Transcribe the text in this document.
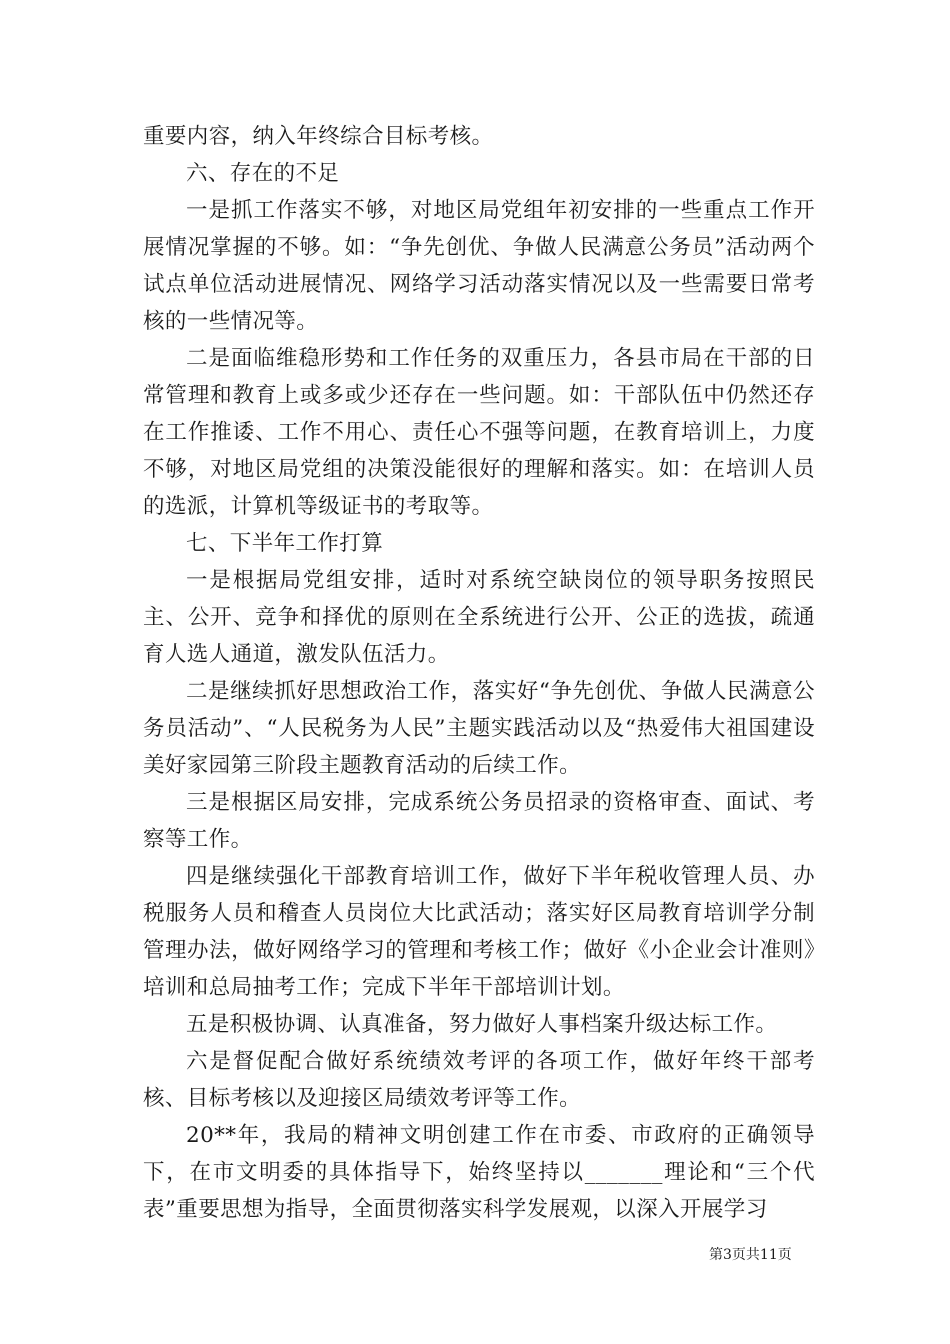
重要内容，纳入年终综合目标考核。

六、存在的不足

一是抓工作落实不够，对地区局党组年初安排的一些重点工作开展情况掌握的不够。如：“争先创优、争做人民满意公务员”活动两个试点单位活动进展情况、网络学习活动落实情况以及一些需要日常考核的一些情况等。

二是面临维稳形势和工作任务的双重压力，各县市局在干部的日常管理和教育上或多或少还存在一些问题。如：干部队伍中仍然还存在工作推诿、工作不用心、责任心不强等问题，在教育培训上，力度不够，对地区局党组的决策没能很好的理解和落实。如：在培训人员的选派，计算机等级证书的考取等。

七、下半年工作打算

一是根据局党组安排，适时对系统空缺岗位的领导职务按照民主、公开、竞争和择优的原则在全系统进行公开、公正的选拔，疏通育人选人通道，激发队伍活力。

二是继续抓好思想政治工作，落实好“争先创优、争做人民满意公务员活动”、“人民税务为人民”主题实践活动以及“热爱伟大祖国建设美好家园第三阶段主题教育活动的后续工作。

三是根据区局安排，完成系统公务员招录的资格审查、面试、考察等工作。

四是继续强化干部教育培训工作，做好下半年税收管理人员、办税服务人员和稽查人员岗位大比武活动；落实好区局教育培训学分制管理办法，做好网络学习的管理和考核工作；做好《小企业会计准则》培训和总局抽考工作；完成下半年干部培训计划。

五是积极协调、认真准备，努力做好人事档案升级达标工作。

六是督促配合做好系统绩效考评的各项工作，做好年终干部考核、目标考核以及迎接区局绩效考评等工作。

20**年，我局的精神文明创建工作在市委、市政府的正确领导下，在市文明委的具体指导下，始终坚持以_______理论和“三个代表”重要思想为指导，全面贯彻落实科学发展观，以深入开展学习

第3页共11页
